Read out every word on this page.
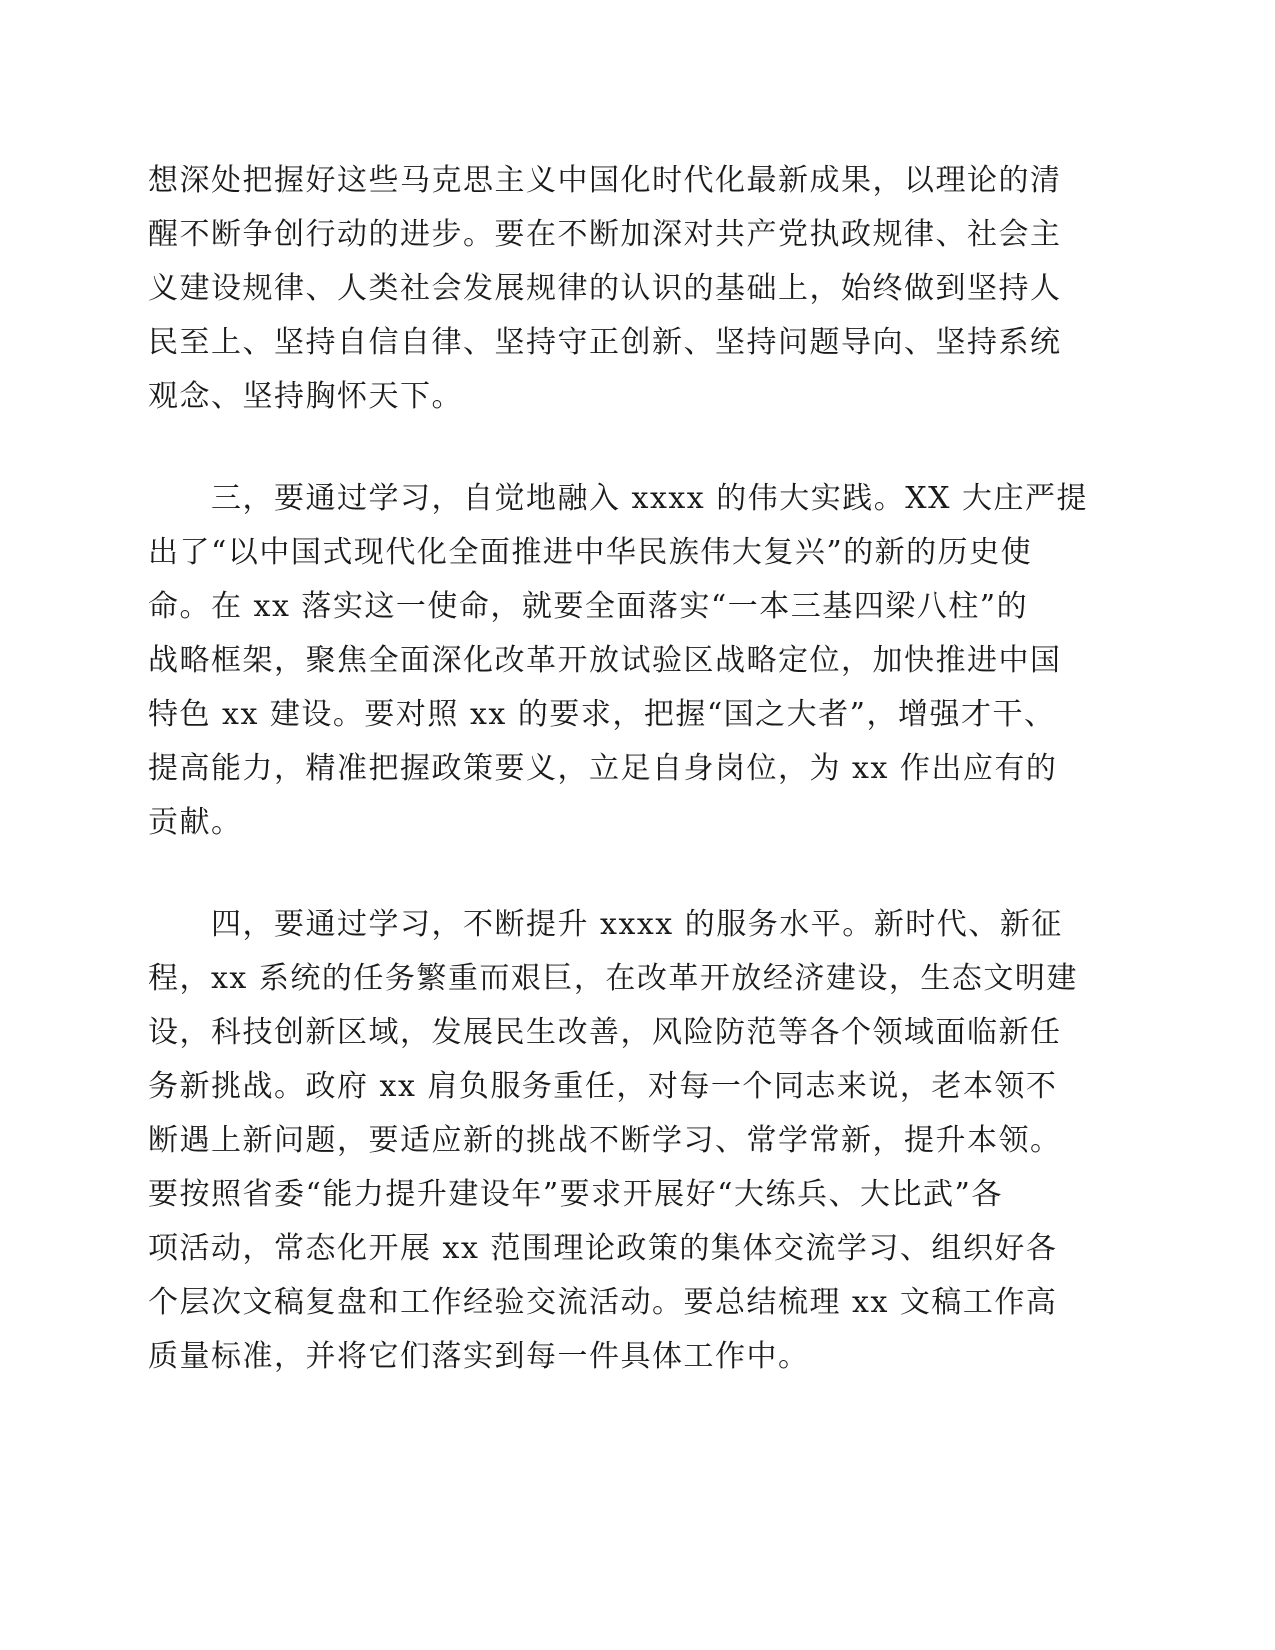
想深处把握好这些马克思主义中国化时代化最新成果，以理论的清
醒不断争创行动的进步。要在不断加深对共产党执政规律、社会主
义建设规律、人类社会发展规律的认识的基础上，始终做到坚持人
民至上、坚持自信自律、坚持守正创新、坚持问题导向、坚持系统
观念、坚持胸怀天下。
　　三，要通过学习，自觉地融入 xxxx 的伟大实践。XX 大庄严提
出了“以中国式现代化全面推进中华民族伟大复兴”的新的历史使
命。在 xx 落实这一使命，就要全面落实“一本三基四梁八柱”的
战略框架，聚焦全面深化改革开放试验区战略定位，加快推进中国
特色 xx 建设。要对照 xx 的要求，把握“国之大者”，增强才干、
提高能力，精准把握政策要义，立足自身岗位，为 xx 作出应有的
贡献。
　　四，要通过学习，不断提升 xxxx 的服务水平。新时代、新征
程，xx 系统的任务繁重而艰巨，在改革开放经济建设，生态文明建
设，科技创新区域，发展民生改善，风险防范等各个领域面临新任
务新挑战。政府 xx 肩负服务重任，对每一个同志来说，老本领不
断遇上新问题，要适应新的挑战不断学习、常学常新，提升本领。
要按照省委“能力提升建设年”要求开展好“大练兵、大比武”各
项活动，常态化开展 xx 范围理论政策的集体交流学习、组织好各
个层次文稿复盘和工作经验交流活动。要总结梳理 xx 文稿工作高
质量标准，并将它们落实到每一件具体工作中。
